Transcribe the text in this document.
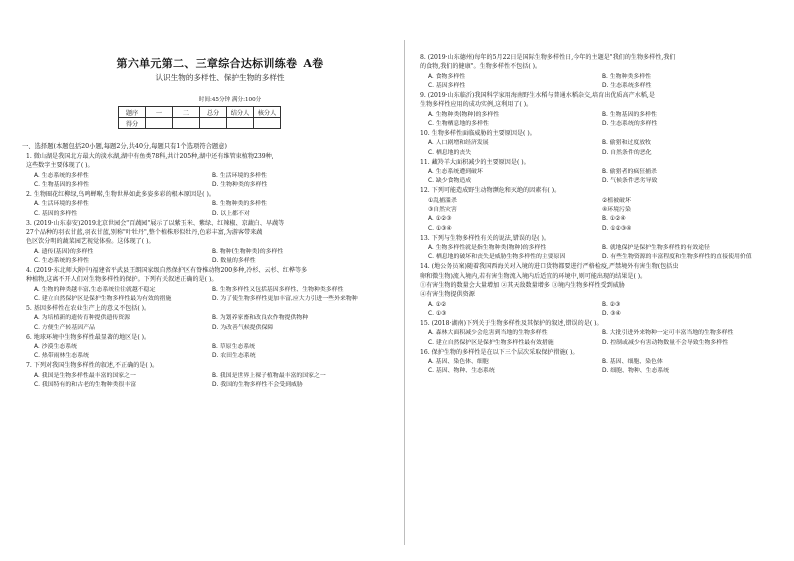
第六单元第二、三章综合达标训练卷 A卷
认识生物的多样性、保护生物的多样性
时间:45分钟 满分:100分
题序	一	二	总分	结分人	核分人
得分					
一、选择题(本题包括20小题,每题2分,共40分,每题只有1个选项符合题意)
1. 微山湖是我国北方最大的淡水湖,湖中有鱼类78科,共计205种,湖中还有维管束植物239种,
这些数字主要体现了( )。
A. 生态系统的多样性	B. 生活环境的多样性
C. 生物基因的多样性	D. 生物种类的多样性
2. 生物圈花红柳绿,鸟鸣蝉啭,生物世界如此多姿多彩的根本原因是( )。
A. 生活环境的多样性	B. 生物种类的多样性
C. 基因的多样性	D. 以上都不对
3. (2019·山东泰安)2019北京世园会"百蔬园"展示了以紫玉米、紫绿、红辣椒、京蔬白、早蔬等
27个品种的羽衣甘蓝,羽衣甘蓝,别称"叶牡丹",整个植株形似牡丹,色彩丰富,为游客带来蔬
色区饮分明的蔬菜园艺视觉体验。这体现了( )。
A. 遗传(基因)的多样性	B. 物种(生物种类)的多样性
C. 生态系统的多样性	D. 数量的多样性
4. (2019·东北师大附中)福建省平武县王朗国家级自然保护区有脊椎动物200多种,冷杉、云杉、红桦等多
种植物,这离不开人们对生物多样性的保护。下列有关叙述正确的是( )。
A. 生物的种类越丰富,生态系统往往就越不稳定	B. 生物多样性又包括基因多样性、生物种类多样性
C. 建立自然保护区是保护生物多样性最为有效的措施	D. 为了使生物多样性更加丰富,应大力引进一些外来物种
5. 基因多样性在农业生产上的意义不包括( )。
A. 为培植新的遗传育种提供遗传资源	B. 为划养家畜和改良农作物提供物种
C. 方便生产转基因产品	D. 为改善气候提供保障
6. 地球环境中生物多样性最显著的地区是( )。
A. 沙漠生态系统	B. 草原生态系统
C. 热带雨林生态系统	D. 农田生态系统
7. 下列对我国生物多样性的叙述,不正确的是( )。
A. 我国是生物多样性最丰富的国家之一	B. 我国是世界上裸子植物最丰富的国家之一
C. 我国特有的和古老的生物种类很丰富	D. 我国的生物多样性不会受到威胁
8. (2019·山东德州)每年的5月22日是国际生物多样性日,今年的主题是"我们的生物多样性,我们
的食物,我们的健康"。生物多样性不包括( )。
A. 食物多样性	B. 生物种类多样性
C. 基因多样性	D. 生态系统多样性
9. (2019·山东临沂)我国科学家用海南野生水稻与普通水稻杂交,培育出优质高产水稻,是
生物多样性应用的成功实例,这利用了( )。
A. 生物种类(物种)的多样性	B. 生物基因的多样性
C. 生物栖息地的多样性	D. 生态系统的多样性
10. 生物多样性面临威胁的主要原因是( )。
A. 人口剧增和经济发展	B. 偷猎和过度放牧
C. 栖息地的丧失	D. 自然条件的恶化
11. 藏羚羊大面积减少的主要原因是( )。
A. 生态系统遭到破坏	B. 偷猎者的疯狂捕杀
C. 缺少食物造成	D. 气候条件恶劣导致
12. 下列可能造成野生动物濒危和灭绝的因素有( )。
①乱捕滥杀	②植被破坏
③自然灾害	④环境污染
A. ①②③	B. ①②④
C. ①③④	D. ①②③④
13. 下列与生物多样性有关的说法,错误的是( )。
A. 生物多样性就是指生物种类(物种)的多样性	B. 就地保护是保护生物多样性的有效途径
C. 栖息地的破坏和丧失是威胁生物多样性的主要原因	D. 有些生物资源的丰富程度和生物多样性的直接使用价值
14. (地公务员案)随着我国西海关对入境的进口货物都要进行严格检疫,严禁境外有害生物(包括虫
卵和微生物)流入境内,若有害生物流入境内后适宜的环境中,则可能出现的结果是( )。
①有害生物的数量会大量增加 ②其天敌数量增多 ③境内生物多样性受到威胁
④有害生物提供资源
A. ①②	B. ②③
C. ①③	D. ③④
15. (2018·湖南)下列关于生物多样性及其保护的叙述,错误的是( )。
A. 森林大面积减少会危害到当地的生物多样性	B. 大批引进外来物种一定可丰富当地的生物多样性
C. 建立自然保护区是保护生物多样性最有效措施	D. 控制或减少有害动物数量不会导致生物多样性
16. 保护生物的多样性是在以下三个层次采取保护措施( )。
A. 基因、染色体、细胞	B. 基因、细胞、染色体
C. 基因、物种、生态系统	D. 细胞、物种、生态系统
